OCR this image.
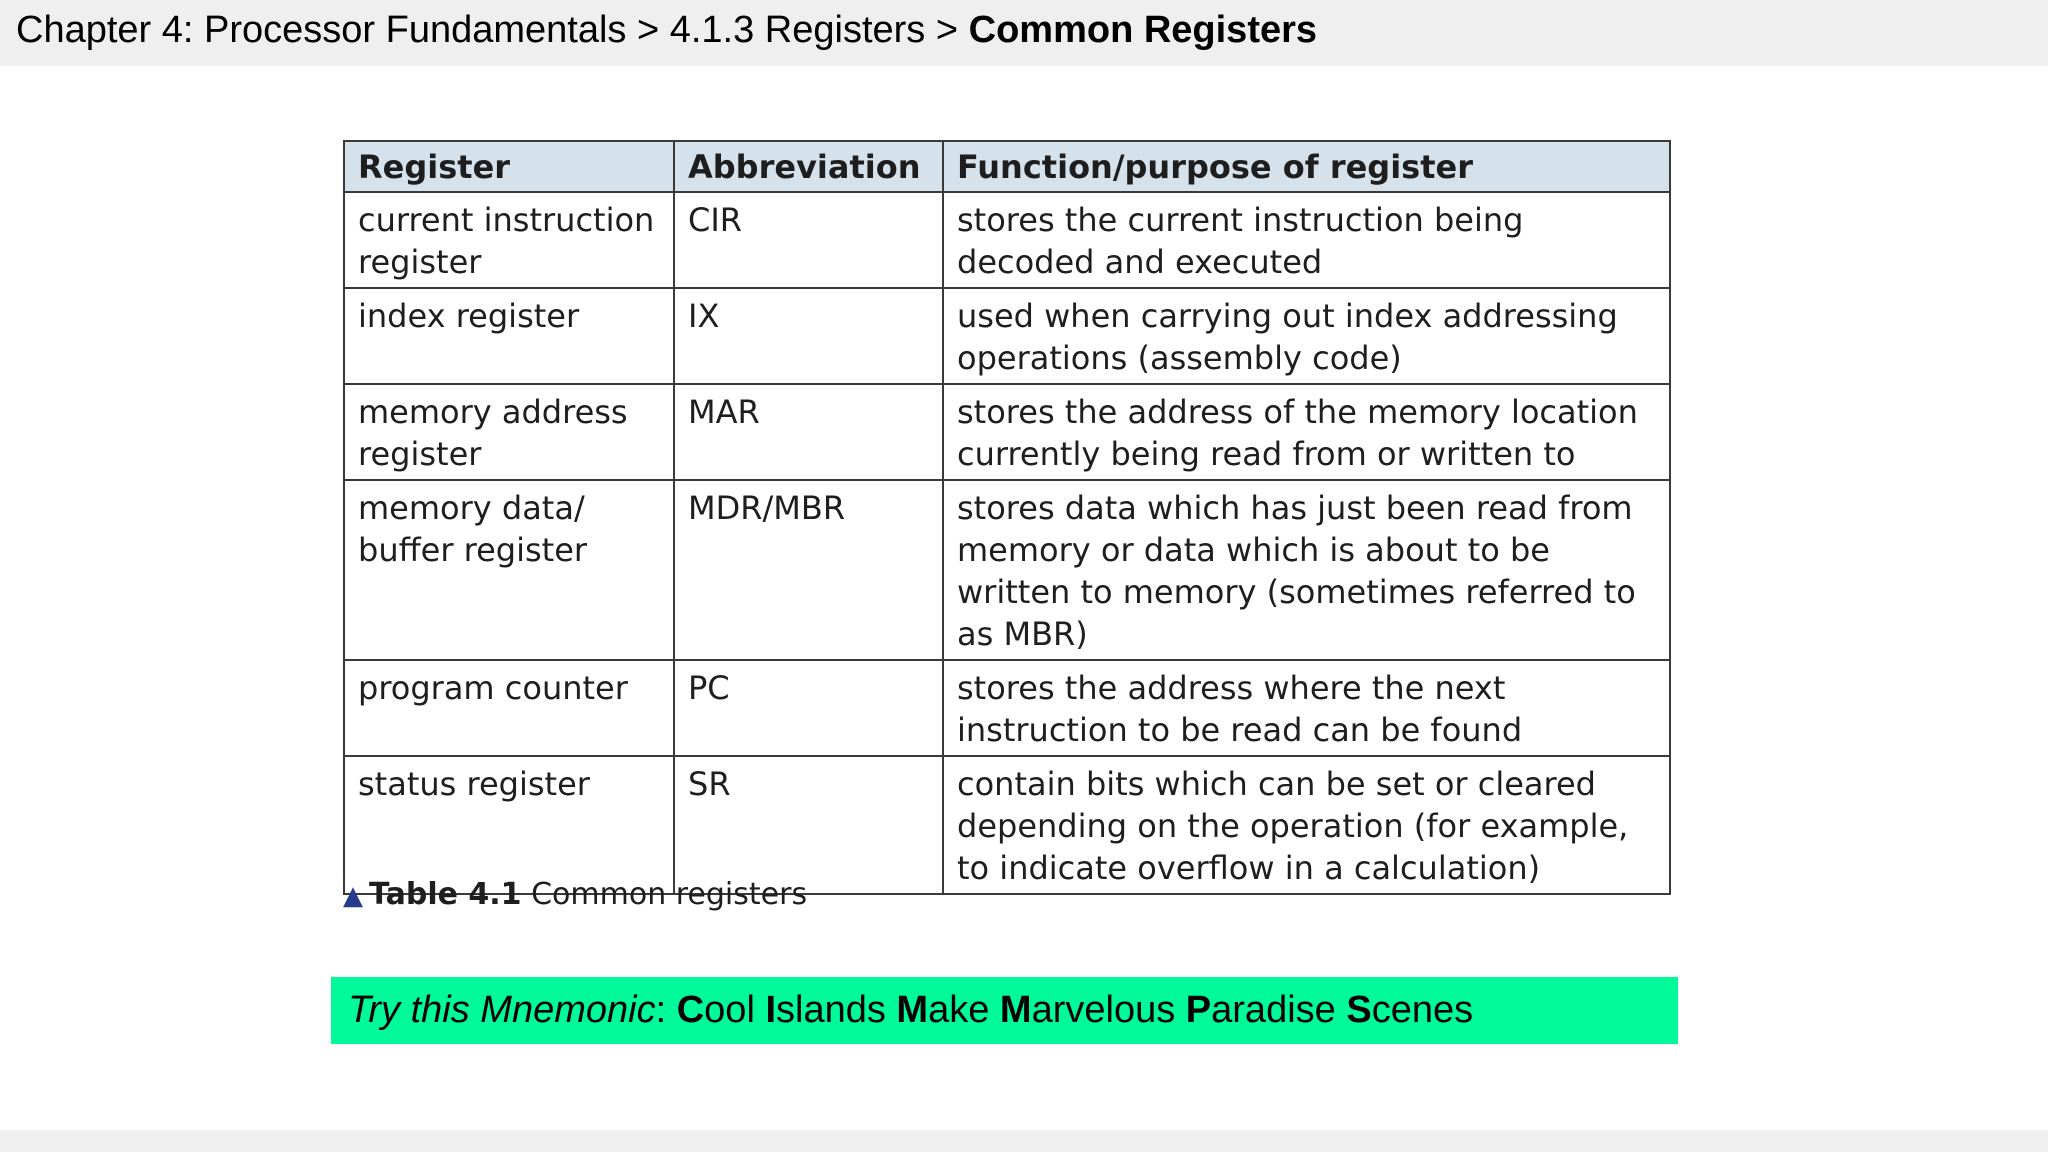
Chapter 4: Processor Fundamentals > 4.1.3 Registers > Common Registers
Register	Abbreviation	Function/purpose of register
current instruction register	CIR	stores the current instruction being decoded and executed
index register	IX	used when carrying out index addressing operations (assembly code)
memory address register	MAR	stores the address of the memory location currently being read from or written to
memory data/ buffer register	MDR/MBR	stores data which has just been read from memory or data which is about to be written to memory (sometimes referred to as MBR)
program counter	PC	stores the address where the next instruction to be read can be found
status register	SR	contain bits which can be set or cleared depending on the operation (for example, to indicate overflow in a calculation)
▲ Table 4.1 Common registers
Try this Mnemonic: Cool Islands Make Marvelous Paradise Scenes
